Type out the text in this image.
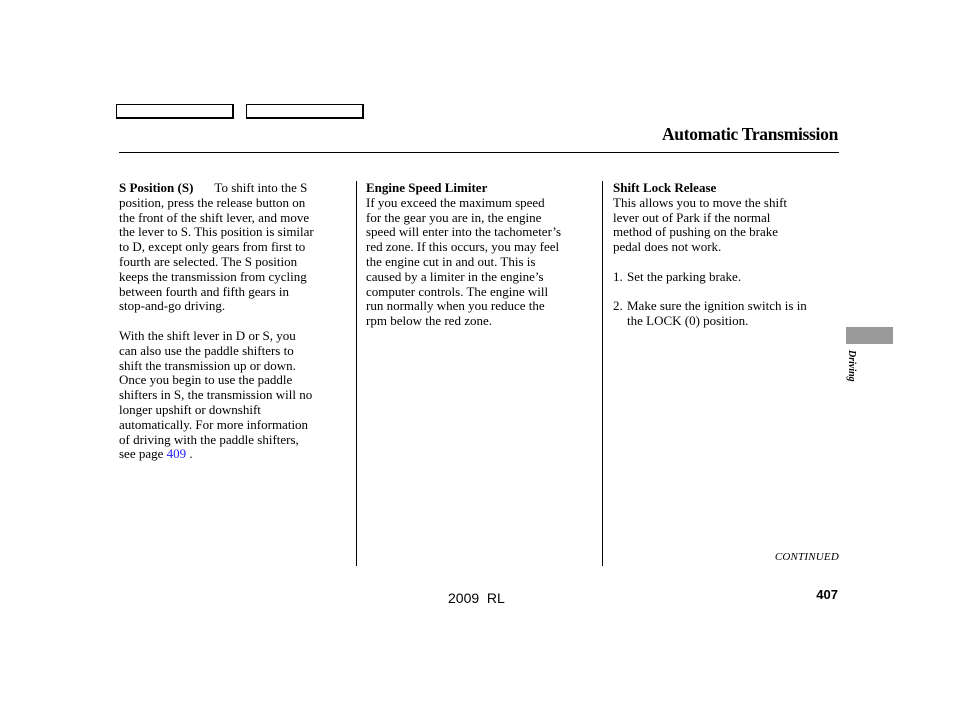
Automatic Transmission

S Position (S) To shift into the S

position, press the release button on

the front of the shift lever, and move

the lever to S. This position is similar

to D, except only gears from first to

fourth are selected. The S position

keeps the transmission from cycling

between fourth and fifth gears in

stop-and-go driving.

With the shift lever in D or S, you

can also use the paddle shifters to

shift the transmission up or down.

Once you begin to use the paddle

shifters in S, the transmission will no

longer upshift or downshift

automatically. For more information

of driving with the paddle shifters,

see page 409 .

Engine Speed Limiter

If you exceed the maximum speed

for the gear you are in, the engine

speed will enter into the tachometer’s

red zone. If this occurs, you may feel

the engine cut in and out. This is

caused by a limiter in the engine’s

computer controls. The engine will

run normally when you reduce the

rpm below the red zone.

Shift Lock Release

This allows you to move the shift

lever out of Park if the normal

method of pushing on the brake

pedal does not work.

1. Set the parking brake.
2. Make sure the ignition switch is in
the LOCK (0) position.
Driving
CONTINUED
2009  RL	407
